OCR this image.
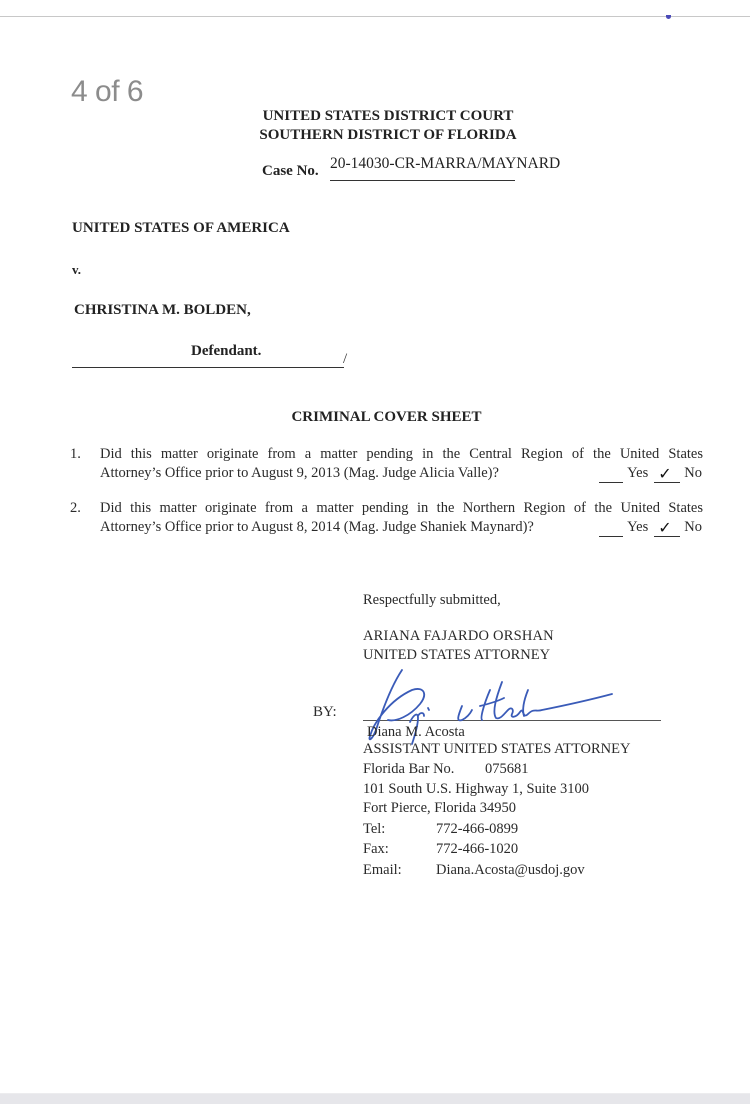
4 of 6
UNITED STATES DISTRICT COURT
SOUTHERN DISTRICT OF FLORIDA
Case No. 20-14030-CR-MARRA/MAYNARD
UNITED STATES OF AMERICA
v.
CHRISTINA M. BOLDEN,
Defendant.	/
CRIMINAL COVER SHEET
1. Did this matter originate from a matter pending in the Central Region of the United States
Attorney’s Office prior to August 9, 2013 (Mag. Judge Alicia Valle)?	Yes ✓ No
2. Did this matter originate from a matter pending in the Northern Region of the United States
Attorney’s Office prior to August 8, 2014 (Mag. Judge Shaniek Maynard)?	Yes ✓ No
BY:
Respectfully submitted,
ARIANA FAJARDO ORSHAN
UNITED STATES ATTORNEY
Diana M. Acosta
ASSISTANT UNITED STATES ATTORNEY
Florida Bar No. 075681
101 South U.S. Highway 1, Suite 3100
Fort Pierce, Florida 34950
Tel:	772-466-0899
Fax:	772-466-1020
Email: Diana.Acosta@usdoj.gov
